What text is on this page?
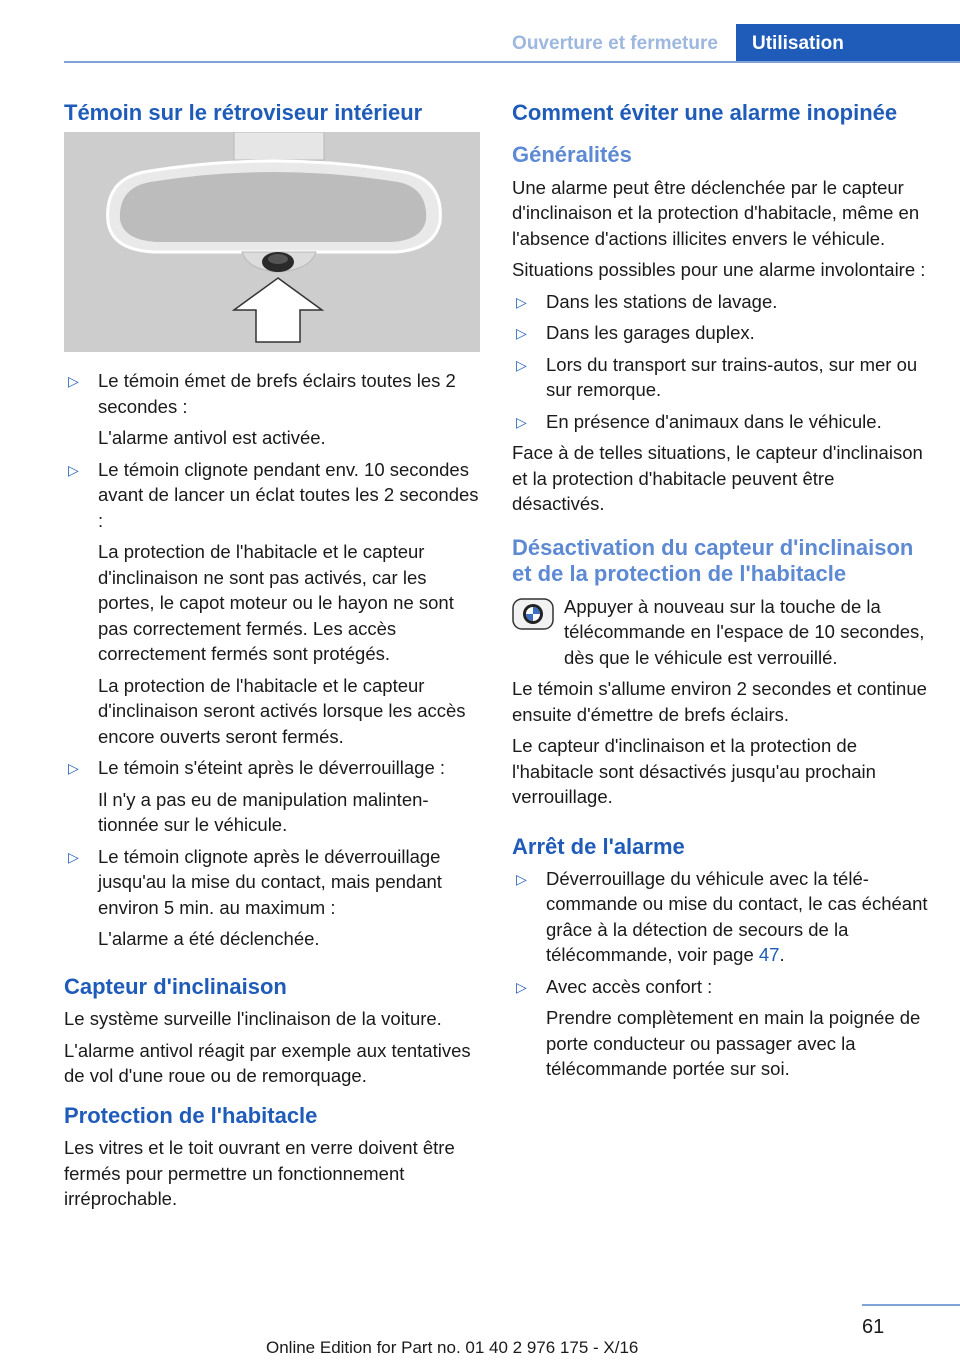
Ouverture et fermeture	Utilisation
Témoin sur le rétroviseur intérieur
▷ Le témoin émet de brefs éclairs toutes les 2 secondes :

L'alarme antivol est activée.

▷ Le témoin clignote pendant env. 10 secondes avant de lancer un éclat toutes les 2 secondes :

La protection de l'habitacle et le capteur d'inclinaison ne sont pas activés, car les portes, le capot moteur ou le hayon ne sont pas correctement fermés. Les accès correctement fermés sont protégés.

La protection de l'habitacle et le capteur d'inclinaison seront activés lorsque les accès encore ouverts seront fermés.

▷ Le témoin s'éteint après le déverrouillage :

Il n'y a pas eu de manipulation malintentionnée sur le véhicule.

▷ Le témoin clignote après le déverrouillage jusqu'au la mise du contact, mais pendant environ 5 min. au maximum :

L'alarme a été déclenchée.

Capteur d'inclinaison

Le système surveille l'inclinaison de la voiture.

L'alarme antivol réagit par exemple aux tentatives de vol d'une roue ou de remorquage.

Protection de l'habitacle

Les vitres et le toit ouvrant en verre doivent être fermés pour permettre un fonctionnement irréprochable.

Comment éviter une alarme inopinée
Généralités

Une alarme peut être déclenchée par le capteur d'inclinaison et la protection d'habitacle, même en l'absence d'actions illicites envers le véhicule.

Situations possibles pour une alarme involontaire :

▷ Dans les stations de lavage.

▷ Dans les garages duplex.

▷ Lors du transport sur trains-autos, sur mer ou sur remorque.

▷ En présence d'animaux dans le véhicule.

Face à de telles situations, le capteur d'inclinaison et la protection d'habitacle peuvent être désactivés.

Désactivation du capteur d'inclinaison et de la protection de l'habitacle

Appuyer à nouveau sur la touche de la télécommande en l'espace de 10 secondes, dès que le véhicule est verrouillé.

Le témoin s'allume environ 2 secondes et continue ensuite d'émettre de brefs éclairs.

Le capteur d'inclinaison et la protection de l'habitacle sont désactivés jusqu'au prochain verrouillage.

Arrêt de l'alarme
▷ Déverrouillage du véhicule avec la télécommande ou mise du contact, le cas échéant grâce à la détection de secours de la télécommande, voir page 47.

▷ Avec accès confort :

Prendre complètement en main la poignée de porte conducteur ou passager avec la télécommande portée sur soi.

61
Online Edition for Part no. 01 40 2 976 175 - X/16
